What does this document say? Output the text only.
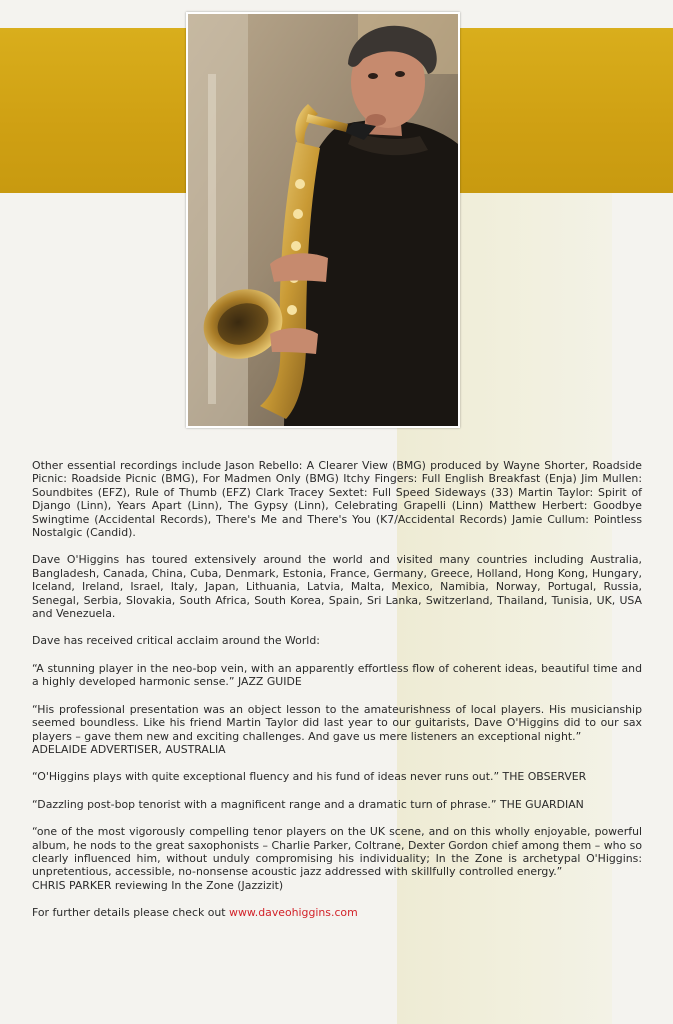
Other essential recordings include Jason Rebello: A Clearer View (BMG) produced by Wayne Shorter, Roadside Picnic: Roadside Picnic (BMG), For Madmen Only (BMG) Itchy Fingers: Full English Breakfast (Enja) Jim Mullen: Soundbites (EFZ), Rule of Thumb (EFZ) Clark Tracey Sextet: Full Speed Sideways (33) Martin Taylor: Spirit of Django (Linn), Years Apart (Linn), The Gypsy (Linn), Celebrating Grapelli (Linn) Matthew Herbert: Goodbye Swingtime (Accidental Records), There's Me and There's You (K7/Accidental Records) Jamie Cullum: Pointless Nostalgic (Candid).

Dave O'Higgins has toured extensively around the world and visited many countries including Australia, Bangladesh, Canada, China, Cuba, Denmark, Estonia, France, Germany, Greece, Holland, Hong Kong, Hungary, Iceland, Ireland, Israel, Italy, Japan, Lithuania, Latvia, Malta, Mexico, Namibia, Norway, Portugal, Russia, Senegal, Serbia, Slovakia, South Africa, South Korea, Spain, Sri Lanka, Switzerland, Thailand, Tunisia, UK, USA and Venezuela.

Dave has received critical acclaim around the World:

“A stunning player in the neo-bop vein, with an apparently effortless flow of coherent ideas, beautiful time and a highly developed harmonic sense.” JAZZ GUIDE

“His professional presentation was an object lesson to the amateurishness of local players. His musicianship seemed boundless. Like his friend Martin Taylor did last year to our guitarists, Dave O'Higgins did to our sax players – gave them new and exciting challenges. And gave us mere listeners an exceptional night.”
ADELAIDE ADVERTISER, AUSTRALIA

“O'Higgins plays with quite exceptional fluency and his fund of ideas never runs out.” THE OBSERVER

“Dazzling post-bop tenorist with a magnificent range and a dramatic turn of phrase.” THE GUARDIAN

“one of the most vigorously compelling tenor players on the UK scene, and on this wholly enjoyable, powerful album, he nods to the great saxophonists – Charlie Parker, Coltrane, Dexter Gordon chief among them – who so clearly influenced him, without unduly compromising his individuality; In the Zone is archetypal O'Higgins: unpretentious, accessible, no-nonsense acoustic jazz addressed with skillfully controlled energy.”
CHRIS PARKER reviewing In the Zone (Jazzizit)

For further details please check out www.daveohiggins.com
